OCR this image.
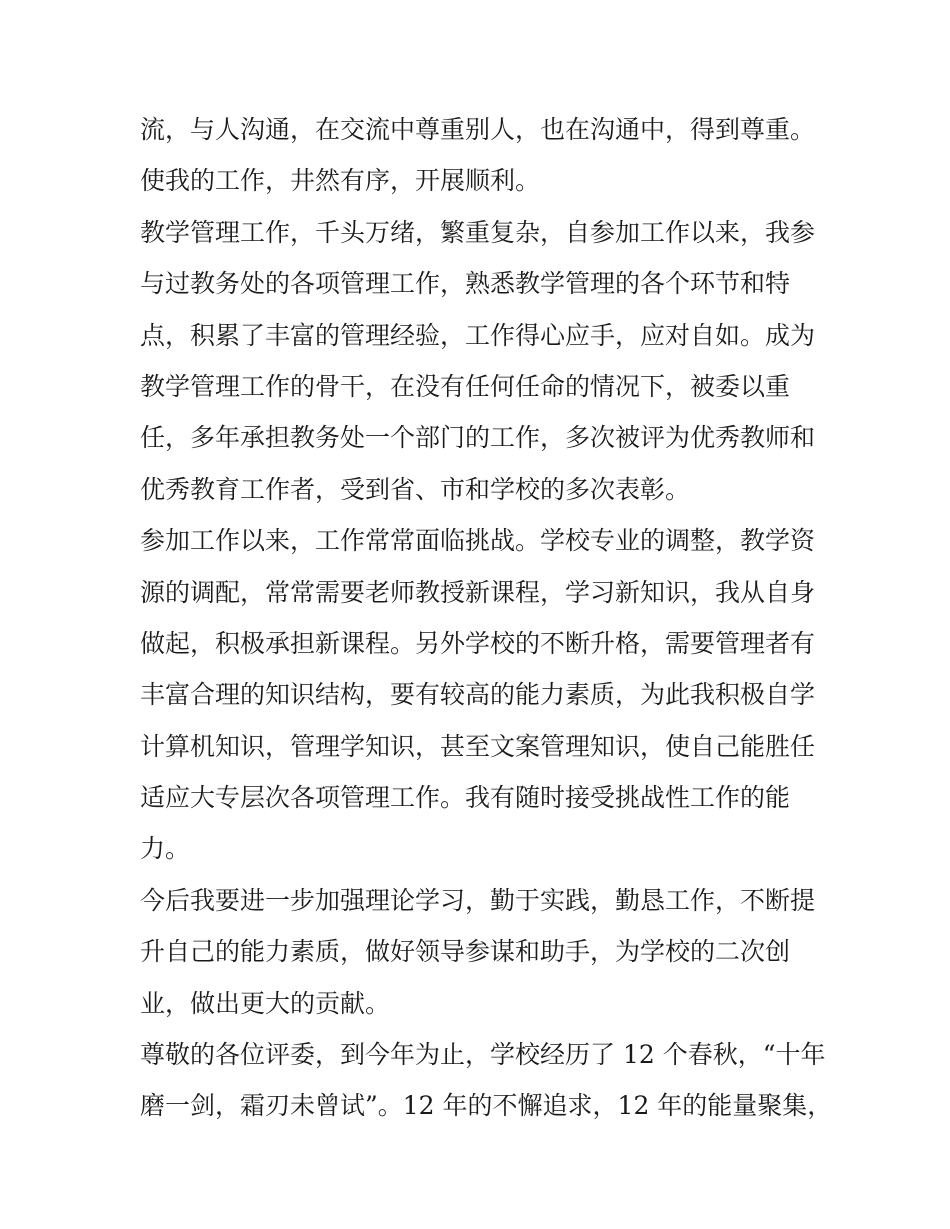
流，与人沟通，在交流中尊重别人，也在沟通中，得到尊重。
使我的工作，井然有序，开展顺利。
教学管理工作，千头万绪，繁重复杂，自参加工作以来，我参
与过教务处的各项管理工作，熟悉教学管理的各个环节和特
点，积累了丰富的管理经验，工作得心应手，应对自如。成为
教学管理工作的骨干，在没有任何任命的情况下，被委以重
任，多年承担教务处一个部门的工作，多次被评为优秀教师和
优秀教育工作者，受到省、市和学校的多次表彰。
参加工作以来，工作常常面临挑战。学校专业的调整，教学资
源的调配，常常需要老师教授新课程，学习新知识，我从自身
做起，积极承担新课程。另外学校的不断升格，需要管理者有
丰富合理的知识结构，要有较高的能力素质，为此我积极自学
计算机知识，管理学知识，甚至文案管理知识，使自己能胜任
适应大专层次各项管理工作。我有随时接受挑战性工作的能
力。
今后我要进一步加强理论学习，勤于实践，勤恳工作，不断提
升自己的能力素质，做好领导参谋和助手，为学校的二次创
业，做出更大的贡献。
尊敬的各位评委，到今年为止，学校经历了 12 个春秋，“十年
磨一剑，霜刃未曾试”。12 年的不懈追求，12 年的能量聚集，
